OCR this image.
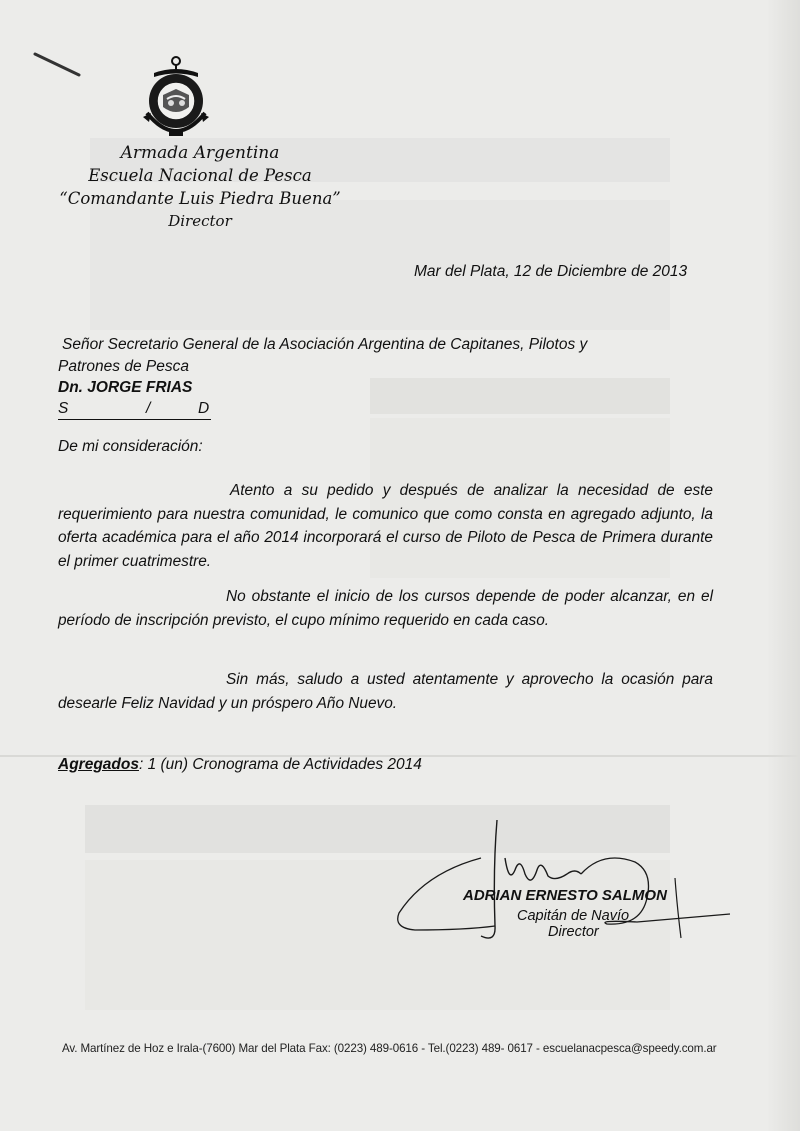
Armada Argentina
Escuela Nacional de Pesca
“Comandante Luis Piedra Buena”
Director

Mar del Plata, 12 de Diciembre de 2013

Señor Secretario General de la Asociación Argentina de Capitanes, Pilotos y

Patrones de Pesca

Dn. JORGE FRIAS

S	/	D

De mi consideración:

Atento a su pedido y después de analizar la necesidad de este requerimiento para nuestra comunidad, le comunico que como consta en agregado adjunto, la oferta académica para el año 2014 incorporará el curso de Piloto de Pesca de Primera durante el primer cuatrimestre.

No obstante el inicio de los cursos depende de poder alcanzar, en el período de inscripción previsto, el cupo mínimo requerido en cada caso.

Sin más, saludo a usted atentamente y aprovecho la ocasión para desearle Feliz Navidad y un próspero Año Nuevo.

Agregados: 1 (un) Cronograma de Actividades 2014

ADRIAN ERNESTO SALMON

Capitán de Navío

Director

Av. Martínez de Hoz e Irala-(7600) Mar del Plata Fax: (0223) 489-0616 - Tel.(0223) 489- 0617 - escuelanacpesca@speedy.com.ar
